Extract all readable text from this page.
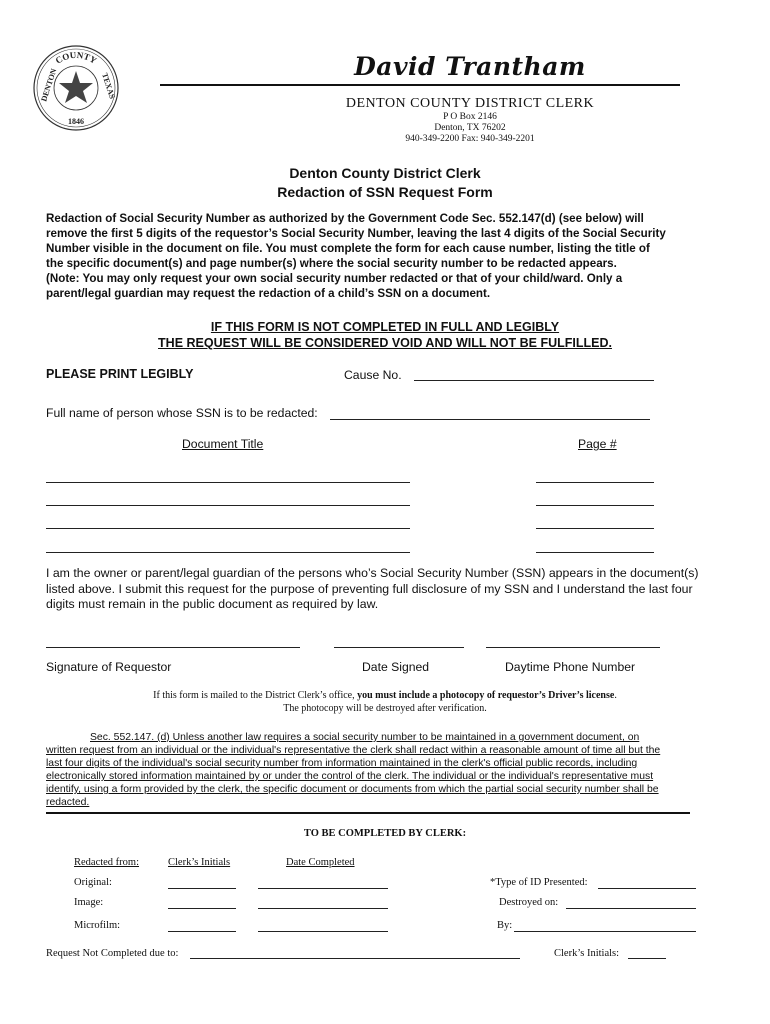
COUNTY
DENTON	TEXAS
1846
David Trantham
DENTON COUNTY DISTRICT CLERK
P O Box 2146
Denton, TX 76202
940-349-2200 Fax: 940-349-2201
Denton County District Clerk
Redaction of SSN Request Form
Redaction of Social Security Number as authorized by the Government Code Sec. 552.147(d) (see below) will
remove the first 5 digits of the requestor’s Social Security Number, leaving the last 4 digits of the Social Security
Number visible in the document on file. You must complete the form for each cause number, listing the title of
the specific document(s) and page number(s) where the social security number to be redacted appears.
(Note: You may only request your own social security number redacted or that of your child/ward. Only a
parent/legal guardian may request the redaction of a child’s SSN on a document.
IF THIS FORM IS NOT COMPLETED IN FULL AND LEGIBLY
THE REQUEST WILL BE CONSIDERED VOID AND WILL NOT BE FULFILLED.
PLEASE PRINT LEGIBLY	Cause No.
Full name of person whose SSN is to be redacted:
Document Title	Page #
I am the owner or parent/legal guardian of the persons who’s Social Security Number (SSN) appears in the document(s)
listed above. I submit this request for the purpose of preventing full disclosure of my SSN and I understand the last four
digits must remain in the public document as required by law.
Signature of Requestor	Date Signed	Daytime Phone Number
If this form is mailed to the District Clerk’s office, you must include a photocopy of requestor’s Driver’s license.
The photocopy will be destroyed after verification.
Sec. 552.147. (d) Unless another law requires a social security number to be maintained in a government document, on
written request from an individual or the individual's representative the clerk shall redact within a reasonable amount of time all but the
last four digits of the individual's social security number from information maintained in the clerk's official public records, including
electronically stored information maintained by or under the control of the clerk. The individual or the individual's representative must
identify, using a form provided by the clerk, the specific document or documents from which the partial social security number shall be
redacted.
TO BE COMPLETED BY CLERK:
Redacted from:	Clerk’s Initials	Date Completed
Original:	*Type of ID Presented:
Image:	Destroyed on:
Microfilm:	By:
Request Not Completed due to:	Clerk’s Initials:
